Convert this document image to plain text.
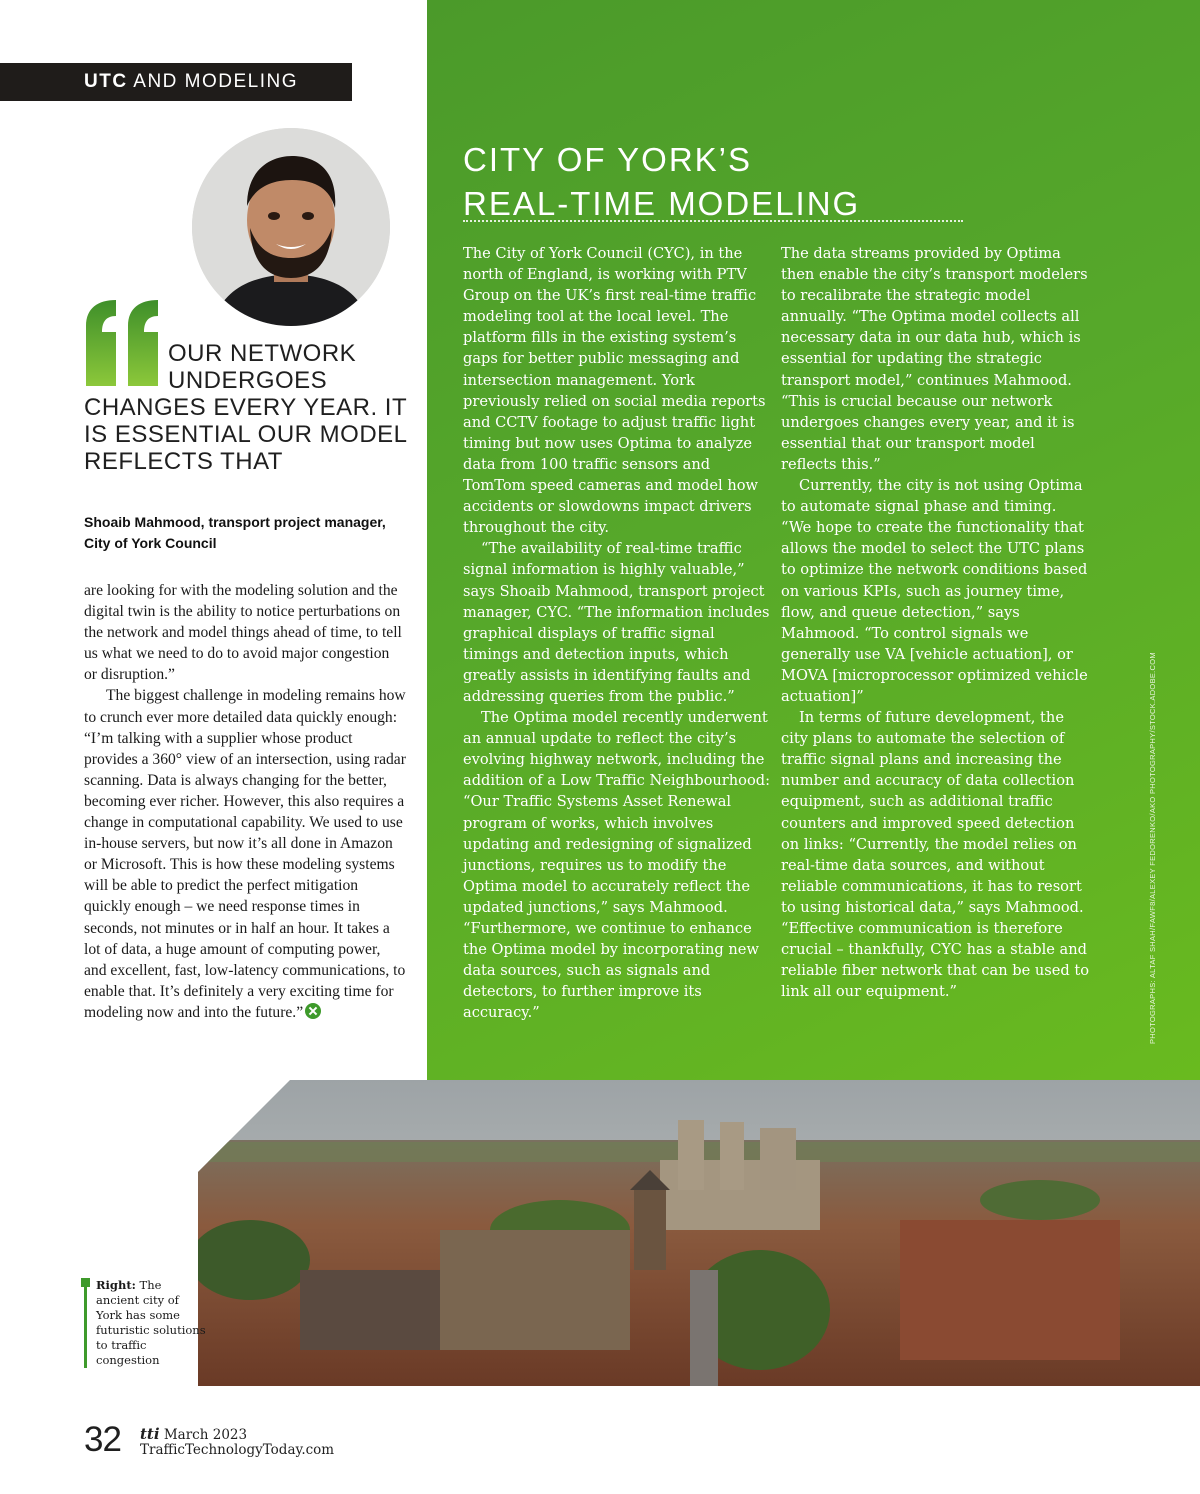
UTC AND MODELING
OUR NETWORK UNDERGOES
CHANGES EVERY YEAR. IT IS ESSENTIAL OUR MODEL REFLECTS THAT

Shoaib Mahmood, transport project manager, City of York Council

are looking for with the modeling solution and the digital twin is the ability to notice perturbations on the network and model things ahead of time, to tell us what we need to do to avoid major congestion or disruption.”

The biggest challenge in modeling remains how to crunch ever more detailed data quickly enough: “I’m talking with a supplier whose product provides a 360° view of an intersection, using radar scanning. Data is always changing for the better, becoming ever richer. However, this also requires a change in computational capability. We used to use in-house servers, but now it’s all done in Amazon or Microsoft. This is how these modeling systems will be able to predict the perfect mitigation quickly enough – we need response times in seconds, not minutes or in half an hour. It takes a lot of data, a huge amount of computing power, and excellent, fast, low-latency communications, to enable that. It’s definitely a very exciting time for modeling now and into the future.”

CITY OF YORK’S
REAL-TIME MODELING

The City of York Council (CYC), in the north of England, is working with PTV Group on the UK’s first real-time traffic modeling tool at the local level. The platform fills in the existing system’s gaps for better public messaging and intersection management. York previously relied on social media reports and CCTV footage to adjust traffic light timing but now uses Optima to analyze data from 100 traffic sensors and TomTom speed cameras and model how accidents or slowdowns impact drivers throughout the city.

“The availability of real-time traffic signal information is highly valuable,” says Shoaib Mahmood, transport project manager, CYC. “The information includes graphical displays of traffic signal timings and detection inputs, which greatly assists in identifying faults and addressing queries from the public.”

The Optima model recently underwent an annual update to reflect the city’s evolving highway network, including the addition of a Low Traffic Neighbourhood: “Our Traffic Systems Asset Renewal program of works, which involves updating and redesigning of signalized junctions, requires us to modify the Optima model to accurately reflect the updated junctions,” says Mahmood. “Furthermore, we continue to enhance the Optima model by incorporating new data sources, such as signals and detectors, to further improve its accuracy.”

The data streams provided by Optima then enable the city’s transport modelers to recalibrate the strategic model annually. “The Optima model collects all necessary data in our data hub, which is essential for updating the strategic transport model,” continues Mahmood. “This is crucial because our network undergoes changes every year, and it is essential that our transport model reflects this.”

Currently, the city is not using Optima to automate signal phase and timing. “We hope to create the functionality that allows the model to select the UTC plans to optimize the network conditions based on various KPIs, such as journey time, flow, and queue detection,” says Mahmood. “To control signals we generally use VA [vehicle actuation], or MOVA [microprocessor optimized vehicle actuation]”

In terms of future development, the city plans to automate the selection of traffic signal plans and increasing the number and accuracy of data collection equipment, such as additional traffic counters and improved speed detection on links: “Currently, the model relies on real-time data sources, and without reliable communications, it has to resort to using historical data,” says Mahmood. “Effective communication is therefore crucial – thankfully, CYC has a stable and reliable fiber network that can be used to link all our equipment.”	PHOTOGRAPHS: ALTAF SHAH/FAWF8/ALEXEY FEDORENKO/AKO PHOTOGRAPHY/STOCK.ADOBE.COM

Right: The ancient city of York has some futuristic solutions to traffic congestion

32 tti March 2023
TrafficTechnologyToday.com
